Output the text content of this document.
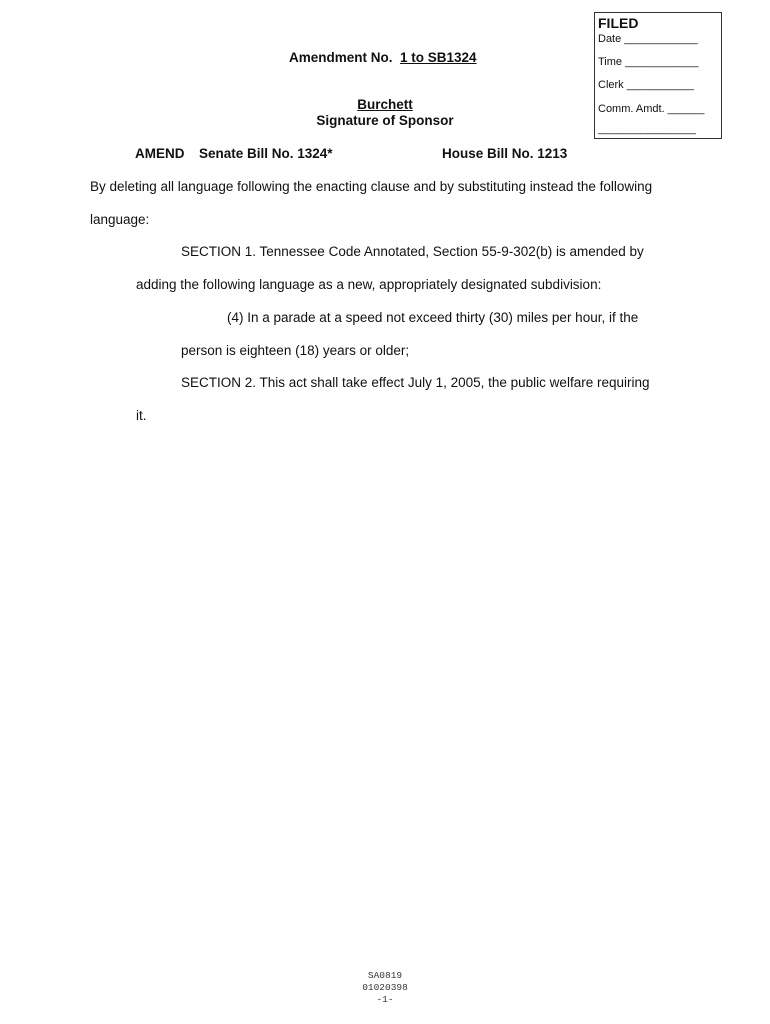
FILED
Date ____________
Time ____________
Clerk ___________
Comm. Amdt. ______
________________
Amendment No. 1 to SB1324
Burchett
Signature of Sponsor
AMEND Senate Bill No. 1324*	House Bill No. 1213
By deleting all language following the enacting clause and by substituting instead the following
language:
SECTION 1. Tennessee Code Annotated, Section 55-9-302(b) is amended by
adding the following language as a new, appropriately designated subdivision:
(4) In a parade at a speed not exceed thirty (30) miles per hour, if the
person is eighteen (18) years or older;
SECTION 2. This act shall take effect July 1, 2005, the public welfare requiring
it.
SA0819
01020398
-1-
